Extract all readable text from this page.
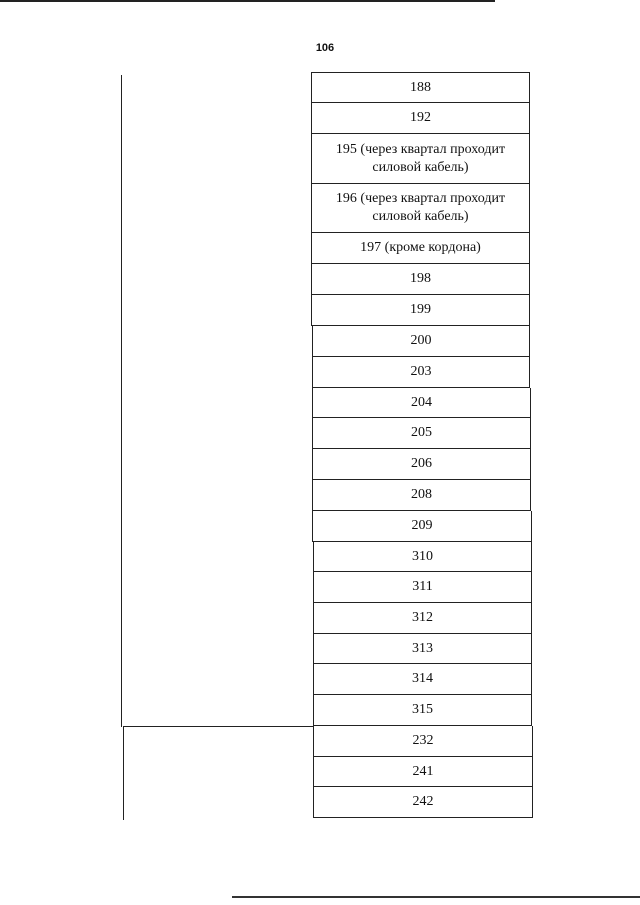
106
188
192
195 (через квартал проходит силовой кабель)
196 (через квартал проходит силовой кабель)
197 (кроме кордона)
198
199
200
203
204
205
206
208
209
310
311
312
313
314
315
232
241
242
